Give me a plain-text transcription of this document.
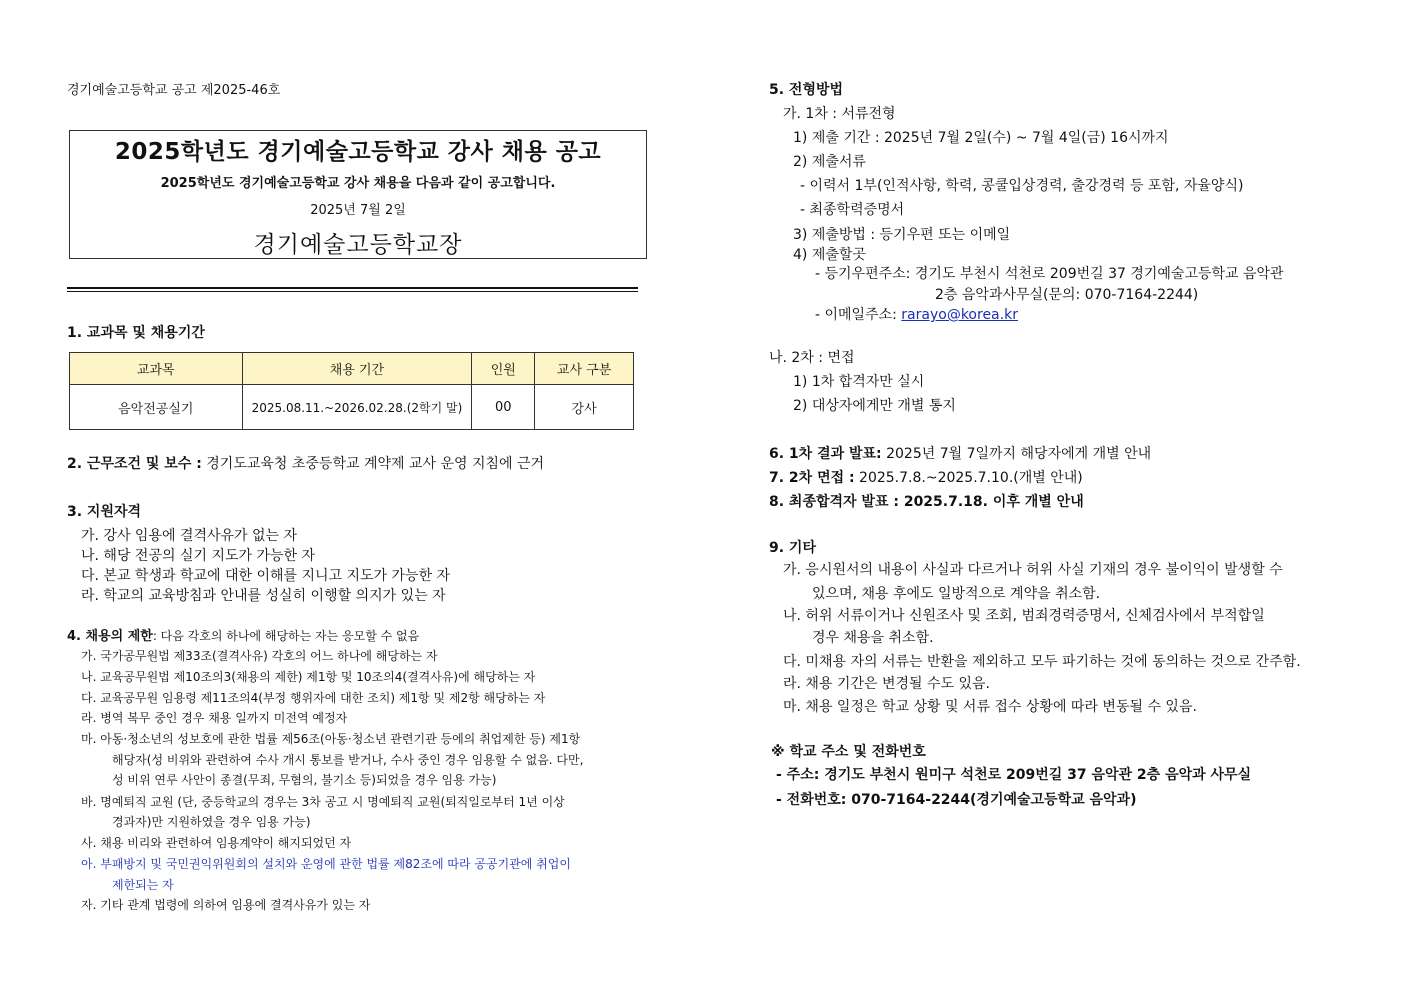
경기예술고등학교 공고 제2025-46호
2025학년도 경기예술고등학교 강사 채용 공고
2025학년도 경기예술고등학교 강사 채용을 다음과 같이 공고합니다.
2025년 7월 2일
경기예술고등학교장
1. 교과목 및 채용기간
교과목	채용 기간	인원	교사 구분
음악전공실기	2025.08.11.~2026.02.28.(2학기 말)	00	강사
2. 근무조건 및 보수 : 경기도교육청 초중등학교 계약제 교사 운영 지침에 근거
3. 지원자격
가. 강사 임용에 결격사유가 없는 자
나. 해당 전공의 실기 지도가 가능한 자
다. 본교 학생과 학교에 대한 이해를 지니고 지도가 가능한 자
라. 학교의 교육방침과 안내를 성실히 이행할 의지가 있는 자
4. 채용의 제한: 다음 각호의 하나에 해당하는 자는 응모할 수 없음
가. 국가공무원법 제33조(결격사유) 각호의 어느 하나에 해당하는 자
나. 교육공무원법 제10조의3(채용의 제한) 제1항 및 10조의4(결격사유)에 해당하는 자
다. 교육공무원 임용령 제11조의4(부정 행위자에 대한 조치) 제1항 및 제2항 해당하는 자
라. 병역 복무 중인 경우 채용 일까지 미전역 예정자
마. 아동·청소년의 성보호에 관한 법률 제56조(아동·청소년 관련기관 등에의 취업제한 등) 제1항
해당자(성 비위와 관련하여 수사 개시 통보를 받거나, 수사 중인 경우 임용할 수 없음. 다만,
성 비위 연루 사안이 종결(무죄, 무혐의, 불기소 등)되었을 경우 임용 가능)
바. 명예퇴직 교원 (단, 중등학교의 경우는 3차 공고 시 명예퇴직 교원(퇴직일로부터 1년 이상
경과자)만 지원하였을 경우 임용 가능)
사. 채용 비리와 관련하여 임용계약이 해지되었던 자
아. 부패방지 및 국민권익위원회의 설치와 운영에 관한 법률 제82조에 따라 공공기관에 취업이
제한되는 자
자. 기타 관계 법령에 의하여 임용에 결격사유가 있는 자
5. 전형방법
가. 1차 : 서류전형
1) 제출 기간 : 2025년 7월 2일(수) ~ 7월 4일(금) 16시까지
2) 제출서류
- 이력서 1부(인적사항, 학력, 콩쿨입상경력, 출강경력 등 포함, 자율양식)
- 최종학력증명서
3) 제출방법 : 등기우편 또는 이메일
4) 제출할곳
- 등기우편주소: 경기도 부천시 석천로 209번길 37 경기예술고등학교 음악관
2층 음악과사무실(문의: 070-7164-2244)
- 이메일주소: rarayo@korea.kr
나. 2차 : 면접
1) 1차 합격자만 실시
2) 대상자에게만 개별 통지
6. 1차 결과 발표: 2025년 7월 7일까지 해당자에게 개별 안내
7. 2차 면접 : 2025.7.8.~2025.7.10.(개별 안내)
8. 최종합격자 발표 : 2025.7.18. 이후 개별 안내
9. 기타
가. 응시원서의 내용이 사실과 다르거나 허위 사실 기재의 경우 불이익이 발생할 수
있으며, 채용 후에도 일방적으로 계약을 취소함.
나. 허위 서류이거나 신원조사 및 조회, 범죄경력증명서, 신체검사에서 부적합일
경우 채용을 취소함.
다. 미채용 자의 서류는 반환을 제외하고 모두 파기하는 것에 동의하는 것으로 간주함.
라. 채용 기간은 변경될 수도 있음.
마. 채용 일정은 학교 상황 및 서류 접수 상황에 따라 변동될 수 있음.
※ 학교 주소 및 전화번호
- 주소: 경기도 부천시 원미구 석천로 209번길 37 음악관 2층 음악과 사무실
- 전화번호: 070-7164-2244(경기예술고등학교 음악과)
